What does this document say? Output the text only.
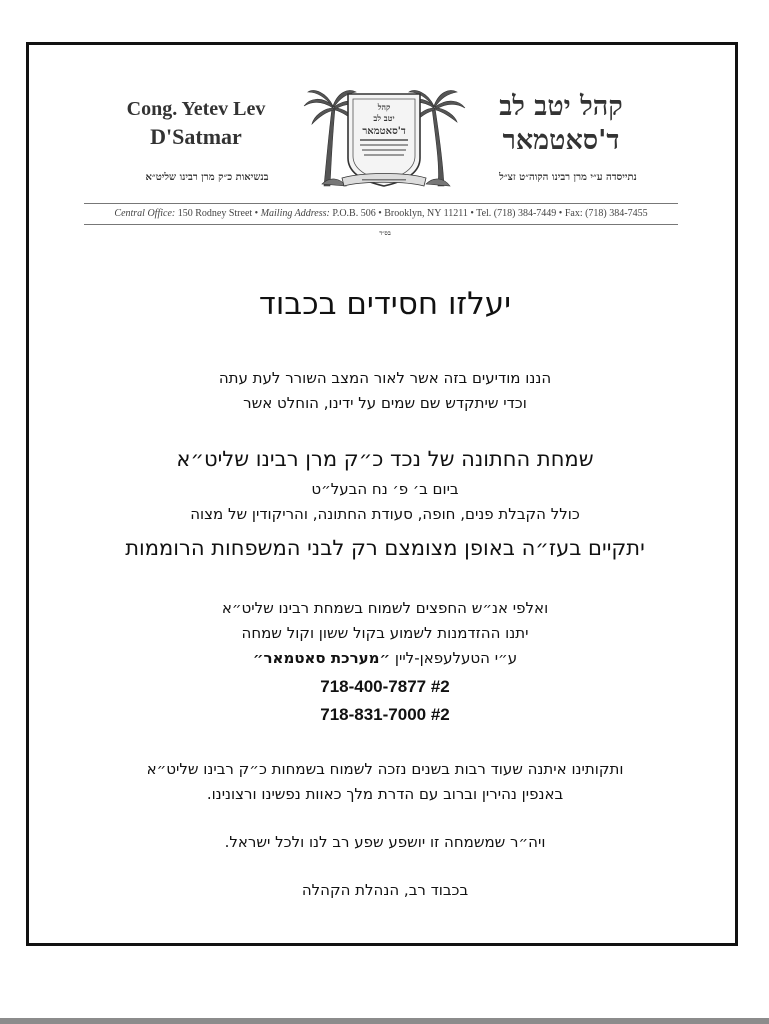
Cong. Yetev Lev
D'Satmar
בנשיאות כ״ק מרן רבינו שליט״א
קהל
יטב לב
ד'סאטמאר
קהל יטב לב
ד'סאטמאר
נתייסדה ע״י מרן רבינו הקוה״ט זצ״ל
Central Office: 150 Rodney Street • Mailing Address: P.O.B. 506 • Brooklyn, NY 11211 • Tel. (718) 384-7449 • Fax: (718) 384-7455
בס״ד
יעלזו חסידים בכבוד
הננו מודיעים בזה אשר לאור המצב השורר לעת עתה
וכדי שיתקדש שם שמים על ידינו, הוחלט אשר
שמחת החתונה של נכד כ״ק מרן רבינו שליט״א
ביום ב׳ פ׳ נח הבעל״ט
כולל הקבלת פנים, חופה, סעודת החתונה, והריקודין של מצוה
יתקיים בעז״ה באופן מצומצם רק לבני המשפחות הרוממות
ואלפי אנ״ש החפצים לשמוח בשמחת רבינו שליט״א
יתנו ההזדמנות לשמוע בקול ששון וקול שמחה
ע״י הטעלעפאן-ליין ״מערכת סאטמאר״
718-400-7877 #2
718-831-7000 #2
ותקותינו איתנה שעוד רבות בשנים נזכה לשמוח בשמחות כ״ק רבינו שליט״א
באנפין נהירין וברוב עם הדרת מלך כאוות נפשינו ורצונינו.
ויה״ר שמשמחה זו יושפע שפע רב לנו ולכל ישראל.
בכבוד רב, הנהלת הקהלה
